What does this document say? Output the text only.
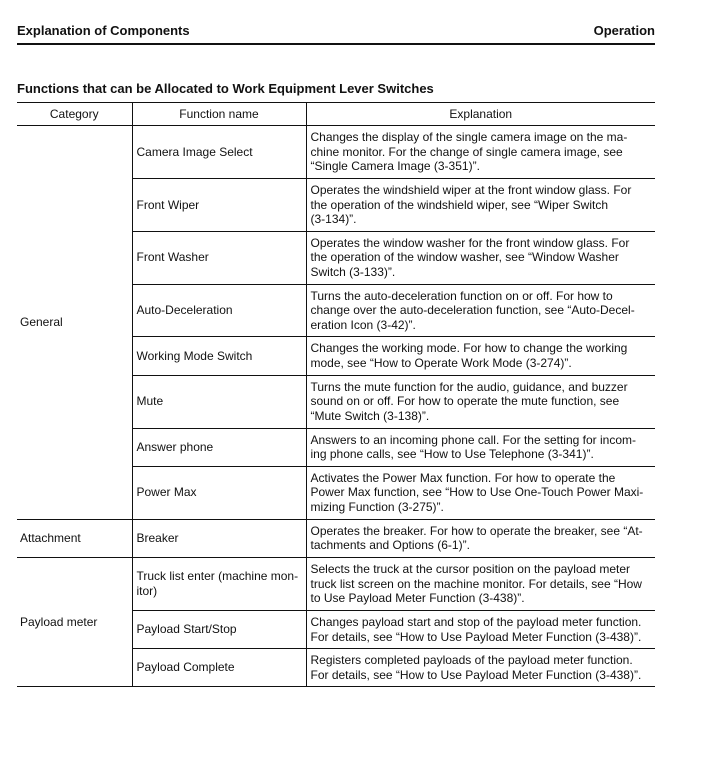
Explanation of Components	Operation
Functions that can be Allocated to Work Equipment Lever Switches
Category	Function name	Explanation
General	Camera Image Select	Changes the display of the single camera image on the ma-
chine monitor. For the change of single camera image, see
“Single Camera Image (3-351)”.
	Front Wiper	Operates the windshield wiper at the front window glass. For
the operation of the windshield wiper, see “Wiper Switch
(3-134)”.
	Front Washer	Operates the window washer for the front window glass. For
the operation of the window washer, see “Window Washer
Switch (3-133)”.
	Auto-Deceleration	Turns the auto-deceleration function on or off. For how to
change over the auto-deceleration function, see “Auto-Decel-
eration Icon (3-42)”.
	Working Mode Switch	Changes the working mode. For how to change the working
mode, see “How to Operate Work Mode (3-274)”.
	Mute	Turns the mute function for the audio, guidance, and buzzer
sound on or off. For how to operate the mute function, see
“Mute Switch (3-138)”.
	Answer phone	Answers to an incoming phone call. For the setting for incom-
ing phone calls, see “How to Use Telephone (3-341)”.
	Power Max	Activates the Power Max function. For how to operate the
Power Max function, see “How to Use One-Touch Power Maxi-
mizing Function (3-275)”.
Attachment	Breaker	Operates the breaker. For how to operate the breaker, see “At-
tachments and Options (6-1)”.
Payload meter	Truck list enter (machine mon-
itor)	Selects the truck at the cursor position on the payload meter
truck list screen on the machine monitor. For details, see “How
to Use Payload Meter Function (3-438)”.
	Payload Start/Stop	Changes payload start and stop of the payload meter function.
For details, see “How to Use Payload Meter Function (3-438)”.
	Payload Complete	Registers completed payloads of the payload meter function.
For details, see “How to Use Payload Meter Function (3-438)”.
